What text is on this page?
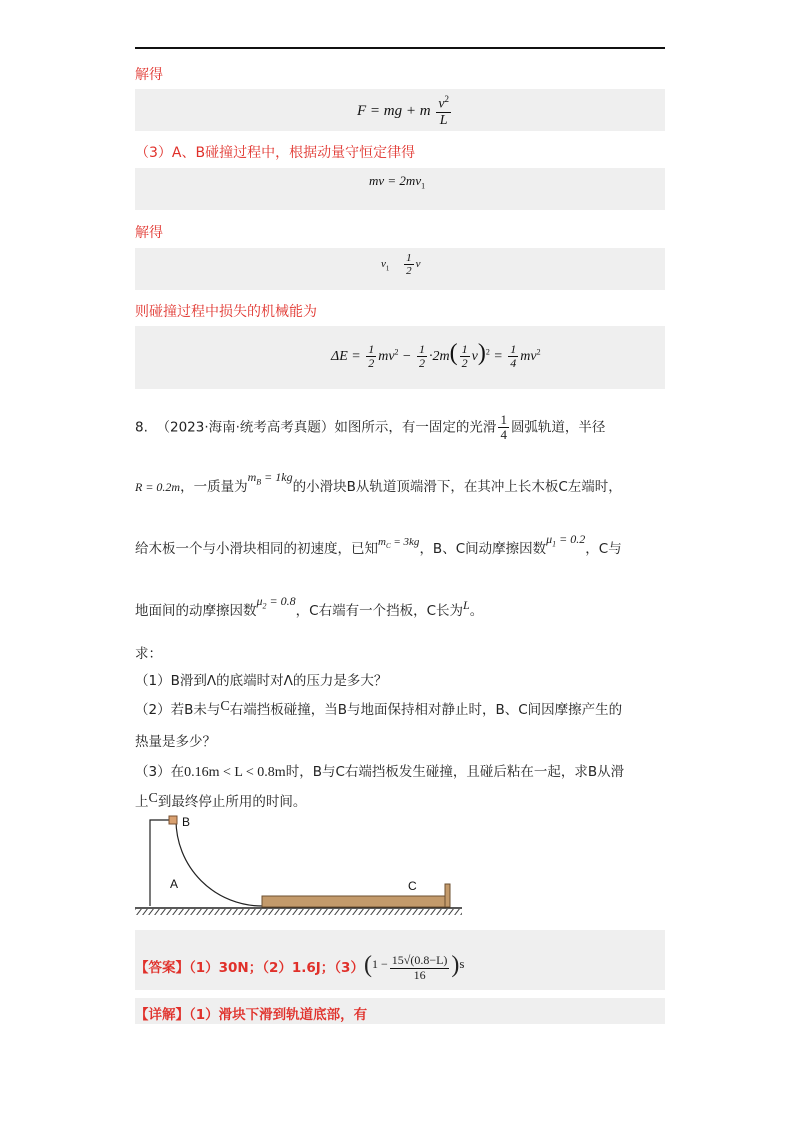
解得
F = mg + m $\frac{v^2}{L}$
（3）A、B碰撞过程中，根据动量守恒定律得
mv = $2mv_1$
解得
$v_1 \frac{1}{2}$ v
则碰撞过程中损失的机械能为
$\Delta E = \frac{1}{2} mv^2 - \frac{1}{2} \cdot 2m( \frac{1}{2} v)^2 = \frac{1}{4} mv^2$
8. （2023·海南·统考高考真题）如图所示，有一固定的光滑 $\frac{1}{4}$ 圆弧轨道，半径
R = 0.2m，一质量为$m_B = 1kg$的小滑块B从轨道顶端滑下，在其冲上长木板C左端时，
给木板一个与小滑块相同的初速度，已知$^{m_C = 3kg}$，B、C间动摩擦因数$\mu_1 = 0.2$，C与
地面间的动摩擦因数$\mu_2 = 0.8$，C右端有一个挡板，C长为L。
求：
（1）B滑到Λ的底端时对Λ的压力是多大？
（2）若B未与C右端挡板碰撞，当B与地面保持相对静止时，B、C间因摩擦产生的
热量是多少？
（3）在0.16m < L < 0.8m时，B与C右端挡板发生碰撞，且碰后粘在一起，求B从滑
上C到最终停止所用的时间。
B
A	C
【答案】（1）30N；（2）1.6J；$(3)(1 - \frac{15√(0.8-L)}{16} )s$
【详解】（1）滑块下滑到轨道底部，有
